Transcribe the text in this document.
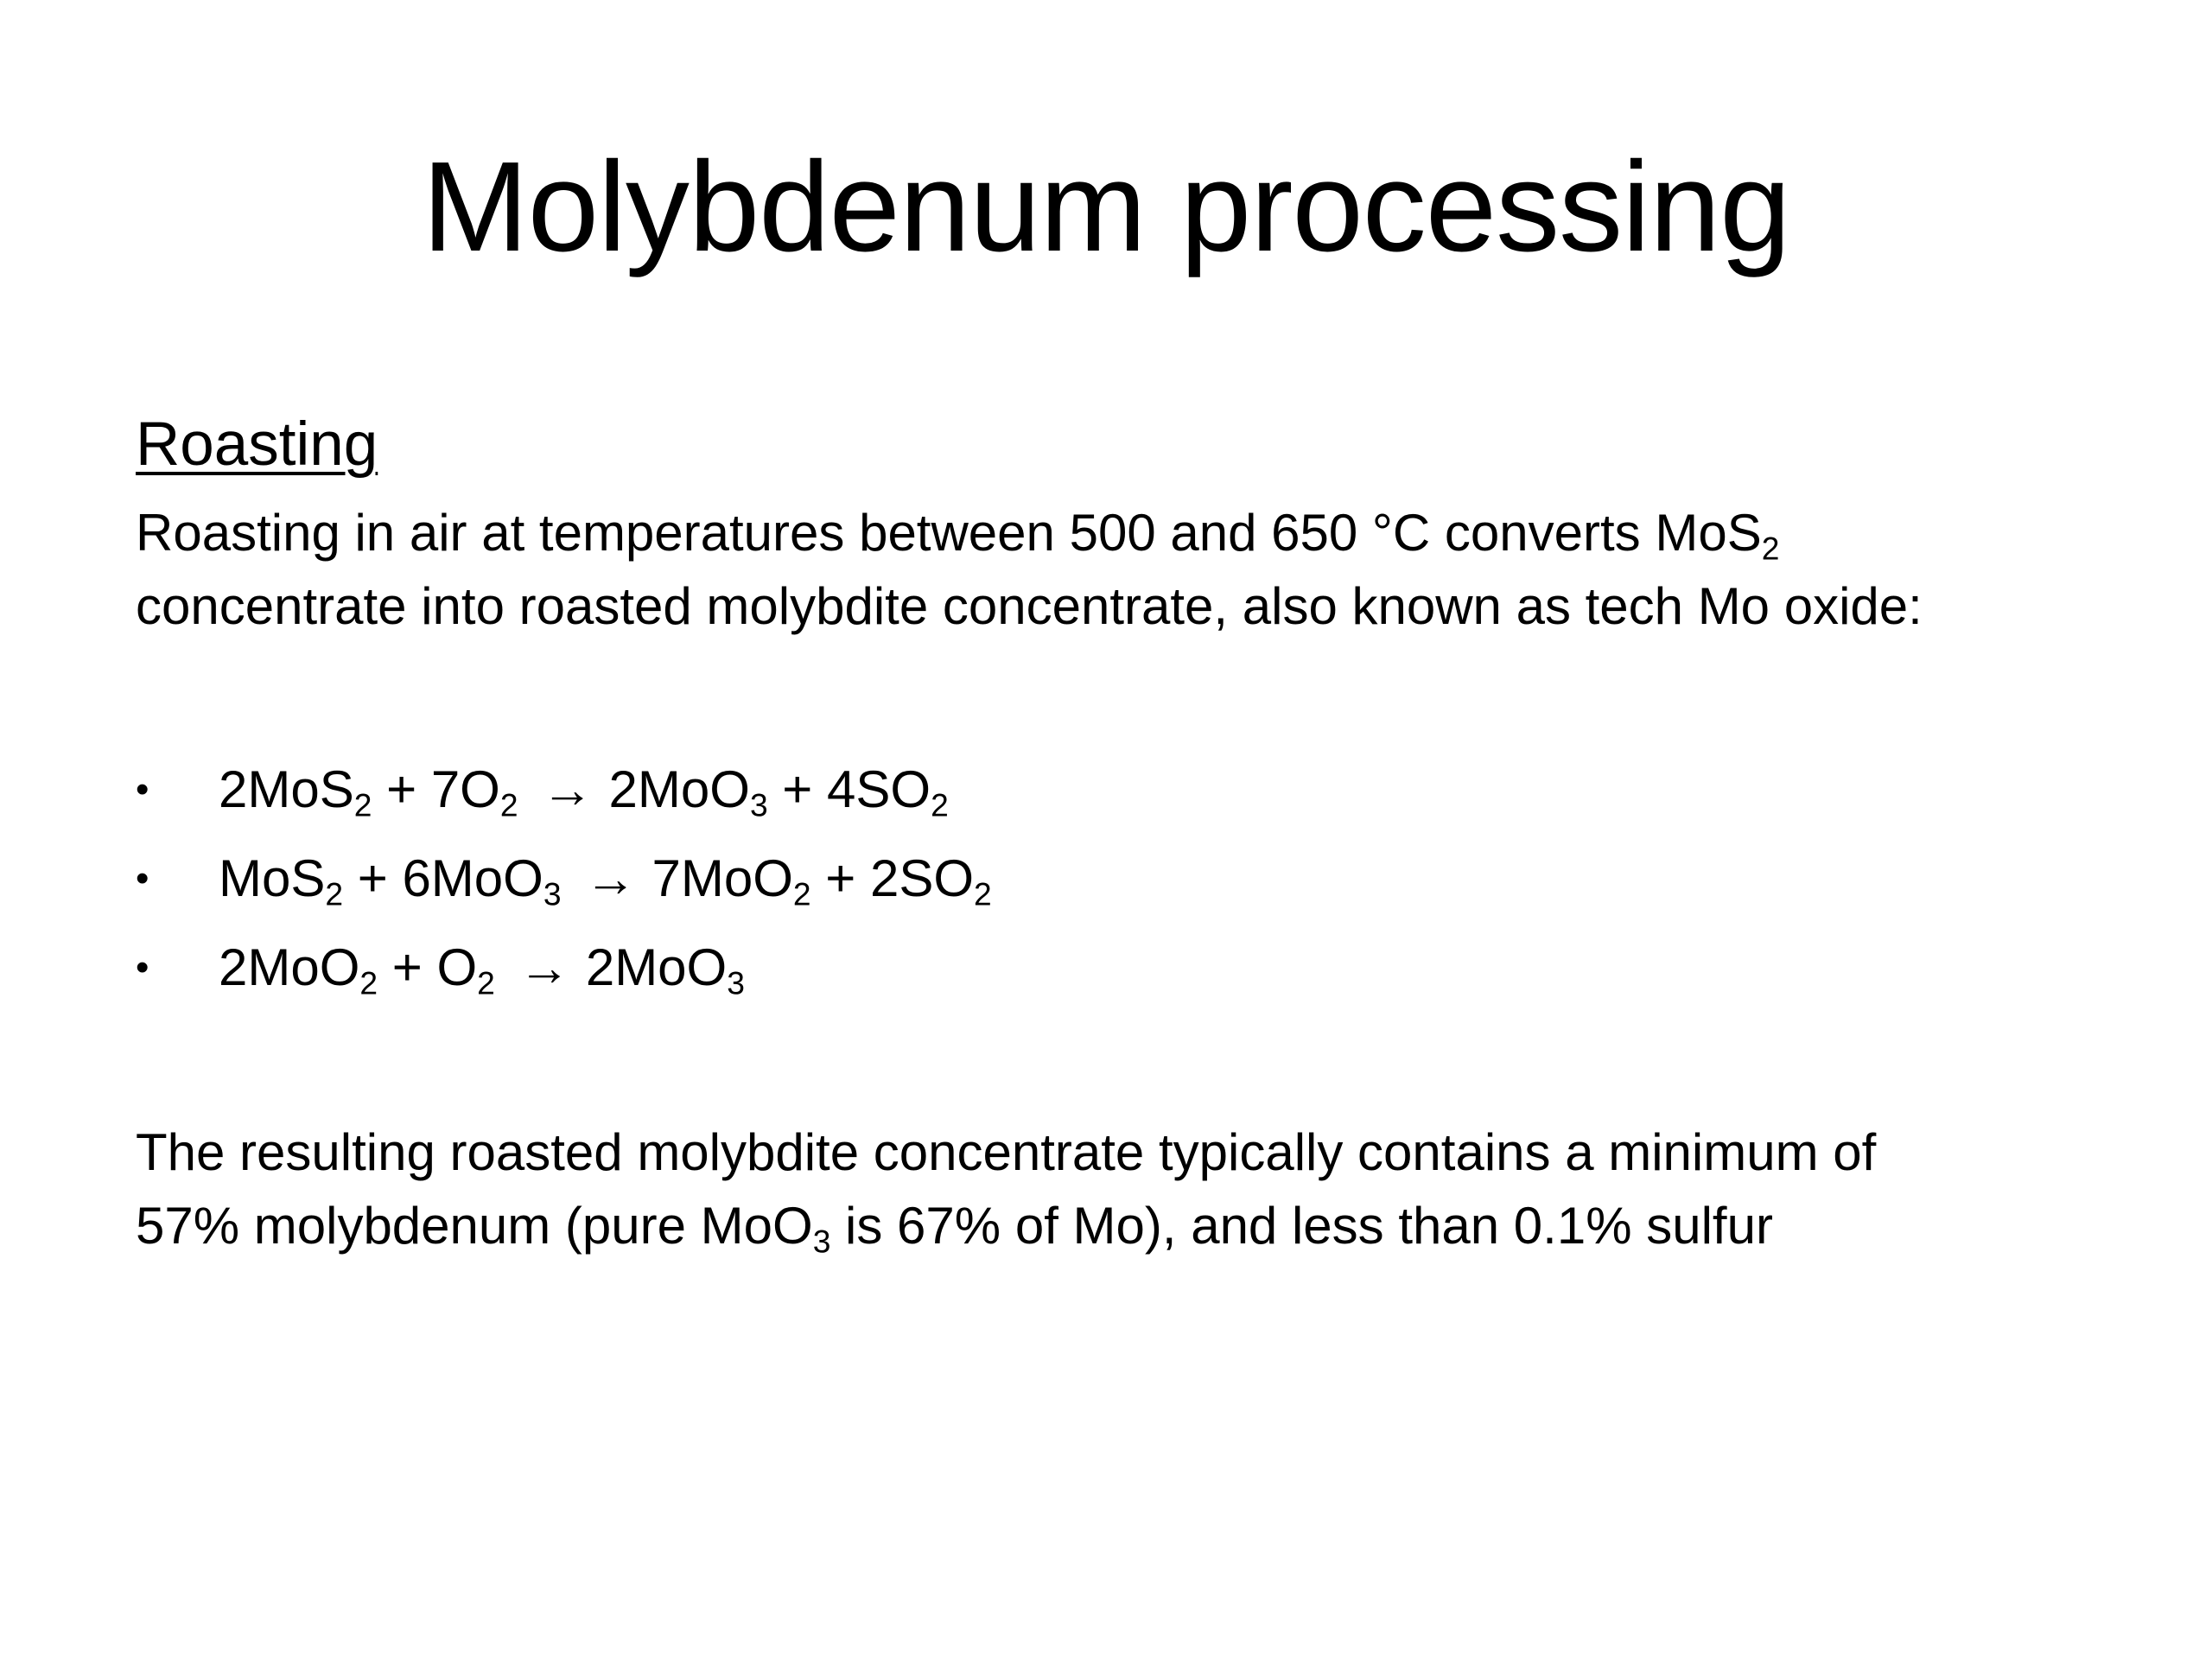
Molybdenum processing
Roasting
Roasting in air at temperatures between 500 and 650 °C converts MoS$_2$
concentrate into roasted molybdite concentrate, also known as tech Mo oxide:
• $2MoS_2 + 7O_2 \to 2MoO_3 + 4SO_2$
• $MoS_2 + 6MoO_3 \to 7MoO_2 + 2SO_2$
• $2MoO_2 + O_2 \to 2MoO_3$
The resulting roasted molybdite concentrate typically contains a minimum of
57% molybdenum (pure MoO$_3$ is 67% of Mo), and less than 0.1% sulfur
